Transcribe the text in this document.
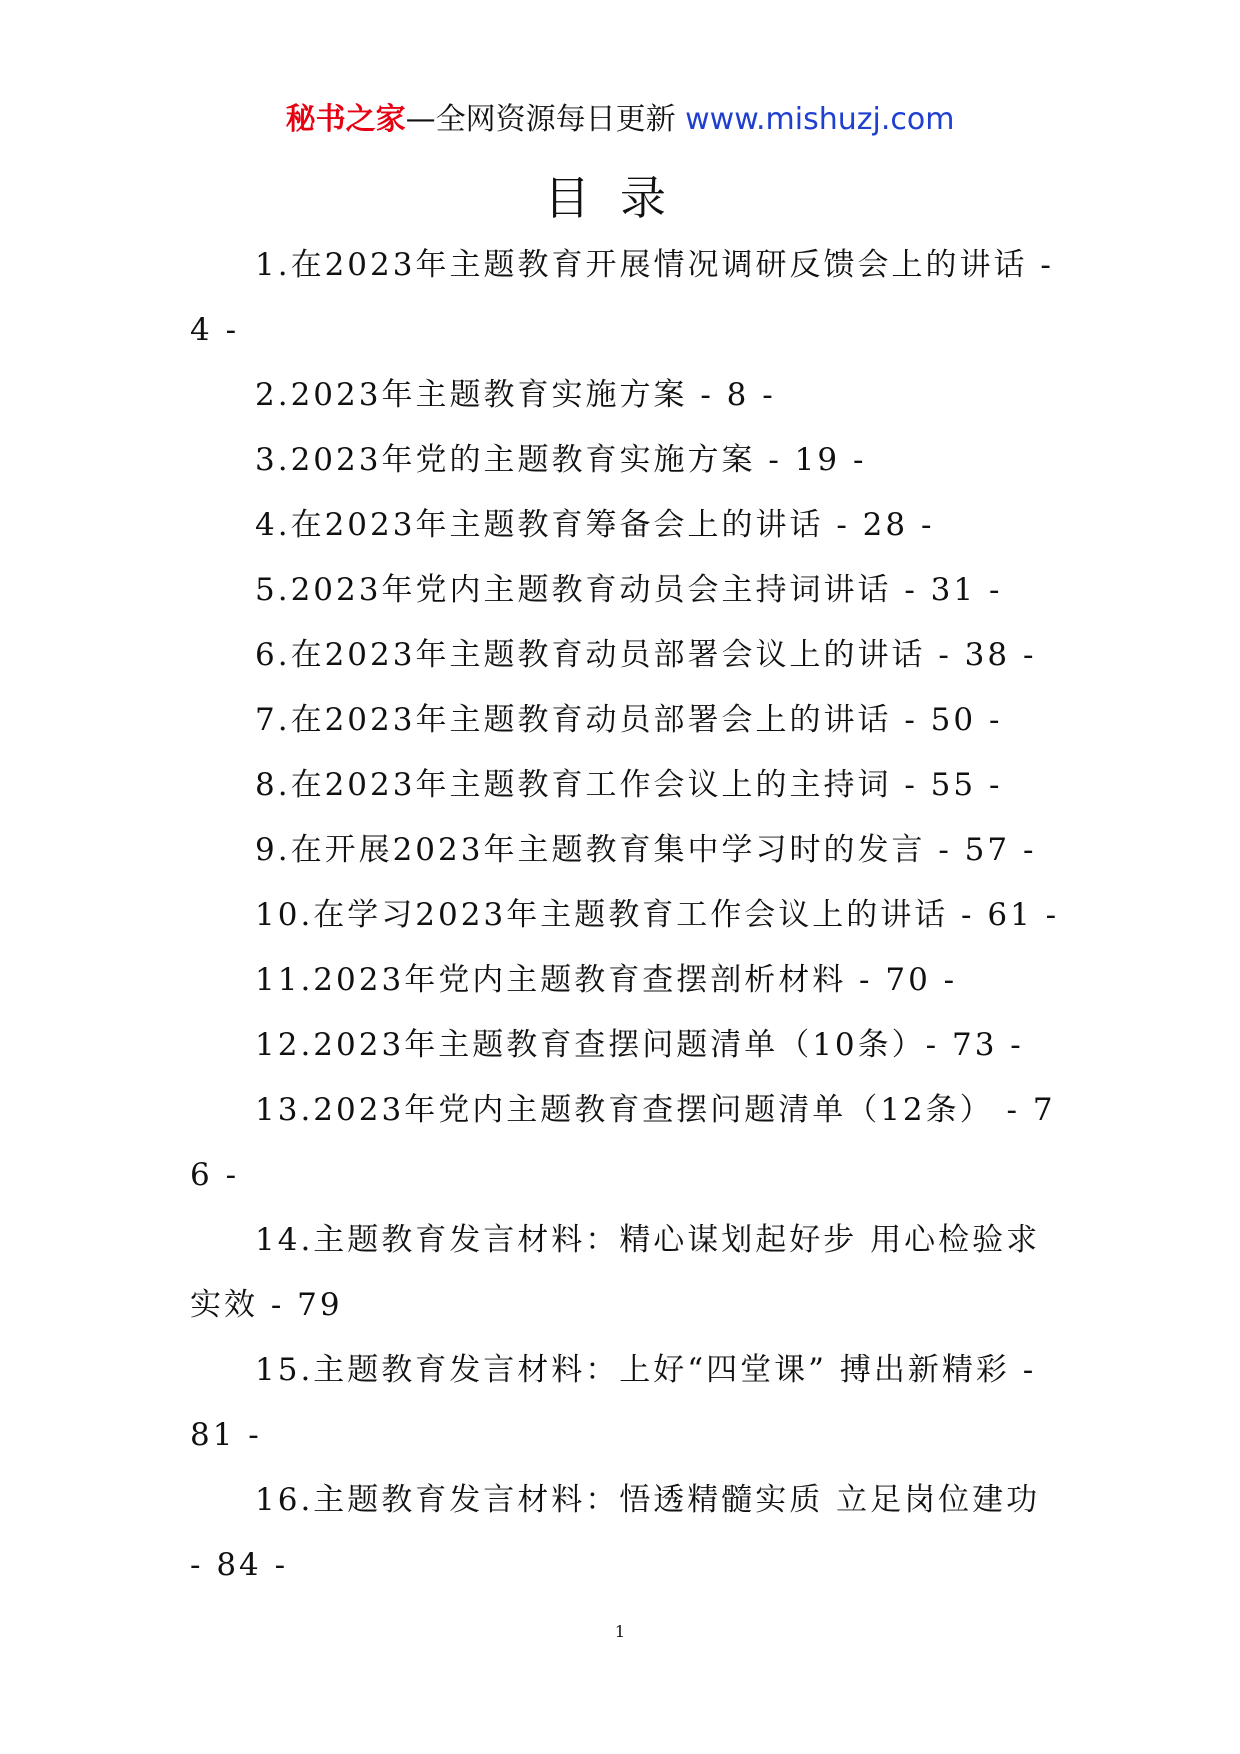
秘书之家—全网资源每日更新 www.mishuzj.com
目录
1.在2023年主题教育开展情况调研反馈会上的讲话 - 4 -
2.2023年主题教育实施方案 - 8 -
3.2023年党的主题教育实施方案 - 19 -
4.在2023年主题教育筹备会上的讲话 - 28 -
5.2023年党内主题教育动员会主持词讲话 - 31 -
6.在2023年主题教育动员部署会议上的讲话 - 38 -
7.在2023年主题教育动员部署会上的讲话 - 50 -
8.在2023年主题教育工作会议上的主持词 - 55 -
9.在开展2023年主题教育集中学习时的发言 - 57 -
10.在学习2023年主题教育工作会议上的讲话 - 61 -
11.2023年党内主题教育查摆剖析材料 - 70 -
12.2023年主题教育查摆问题清单（10条）- 73 -
13.2023年党内主题教育查摆问题清单（12条） - 76 -
14.主题教育发言材料：精心谋划起好步 用心检验求实效 - 79
15.主题教育发言材料：上好“四堂课” 搏出新精彩 - 81 -
16.主题教育发言材料：悟透精髓实质 立足岗位建功 - 84 -
1
